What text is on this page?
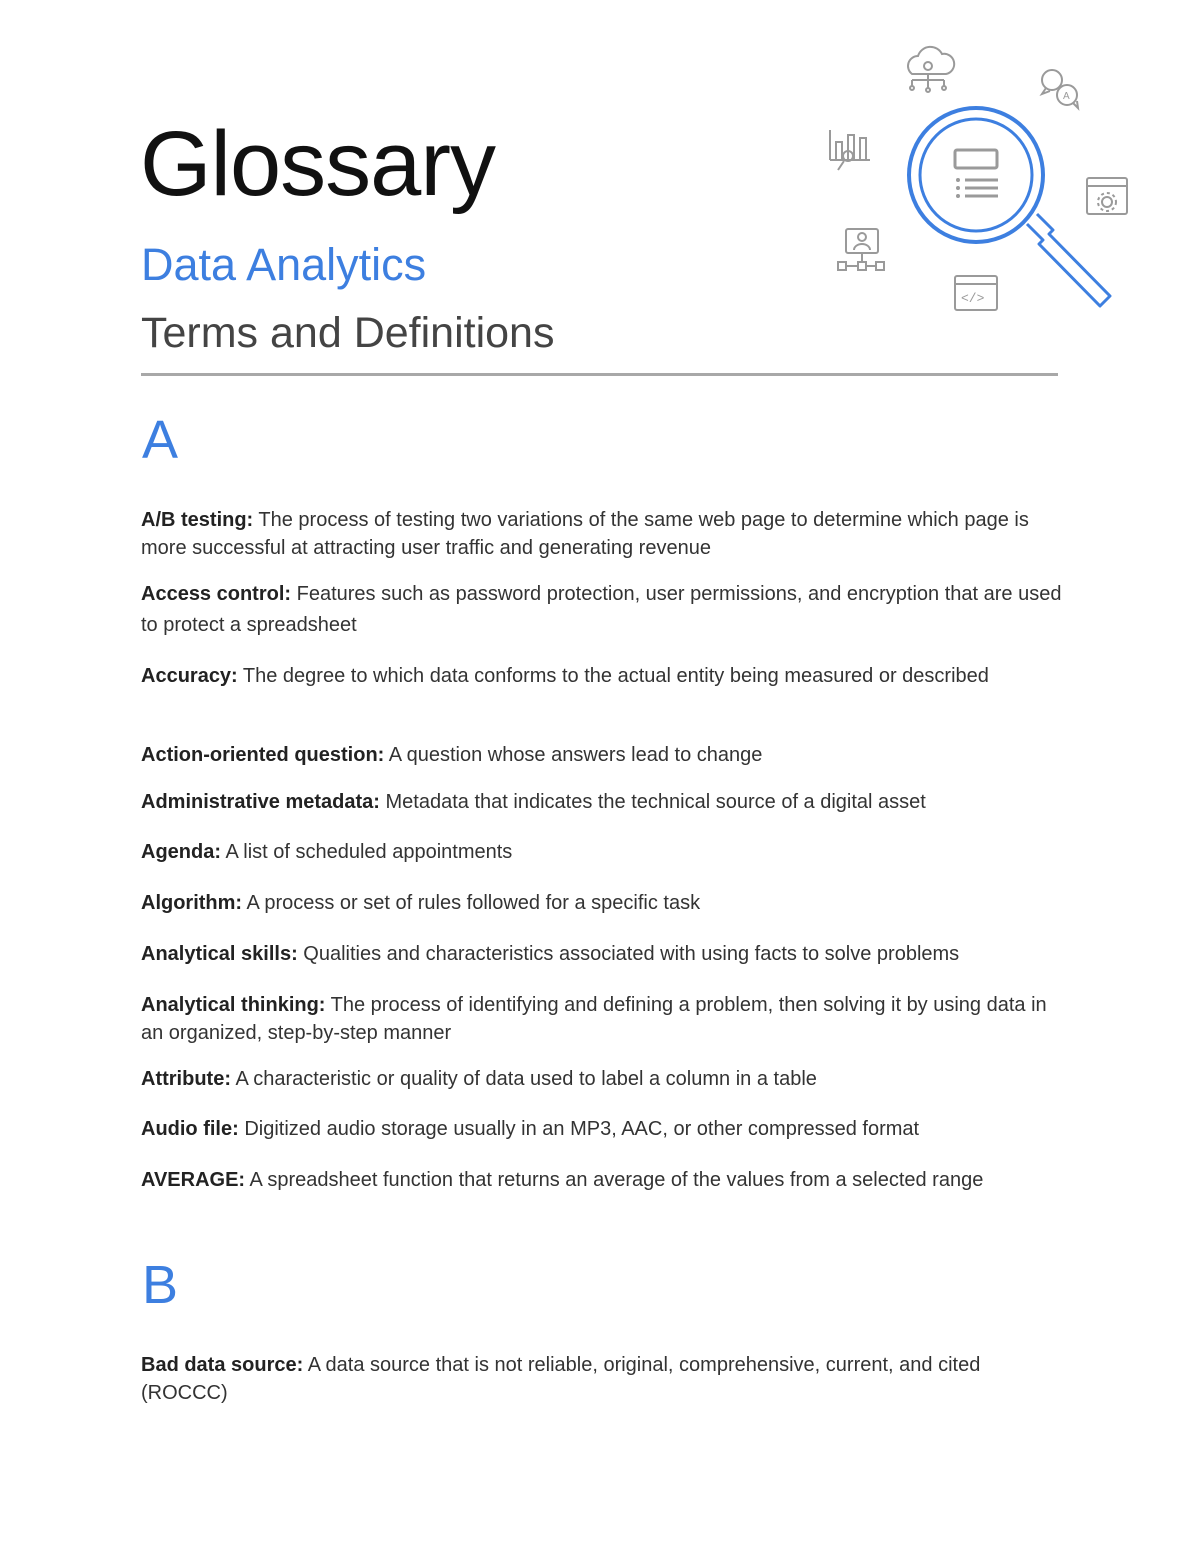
Glossary
Data Analytics
Terms and Definitions
A
</>
A
A/B testing: The process of testing two variations of the same web page to determine which page is more successful at attracting user traffic and generating revenue
Access control: Features such as password protection, user permissions, and encryption that are used to protect a spreadsheet
Accuracy: The degree to which data conforms to the actual entity being measured or described
Action-oriented question: A question whose answers lead to change
Administrative metadata: Metadata that indicates the technical source of a digital asset
Agenda: A list of scheduled appointments
Algorithm: A process or set of rules followed for a specific task
Analytical skills: Qualities and characteristics associated with using facts to solve problems
Analytical thinking: The process of identifying and defining a problem, then solving it by using data in an organized, step-by-step manner
Attribute: A characteristic or quality of data used to label a column in a table
Audio file: Digitized audio storage usually in an MP3, AAC, or other compressed format
AVERAGE: A spreadsheet function that returns an average of the values from a selected range
B
Bad data source: A data source that is not reliable, original, comprehensive, current, and cited (ROCCC)
